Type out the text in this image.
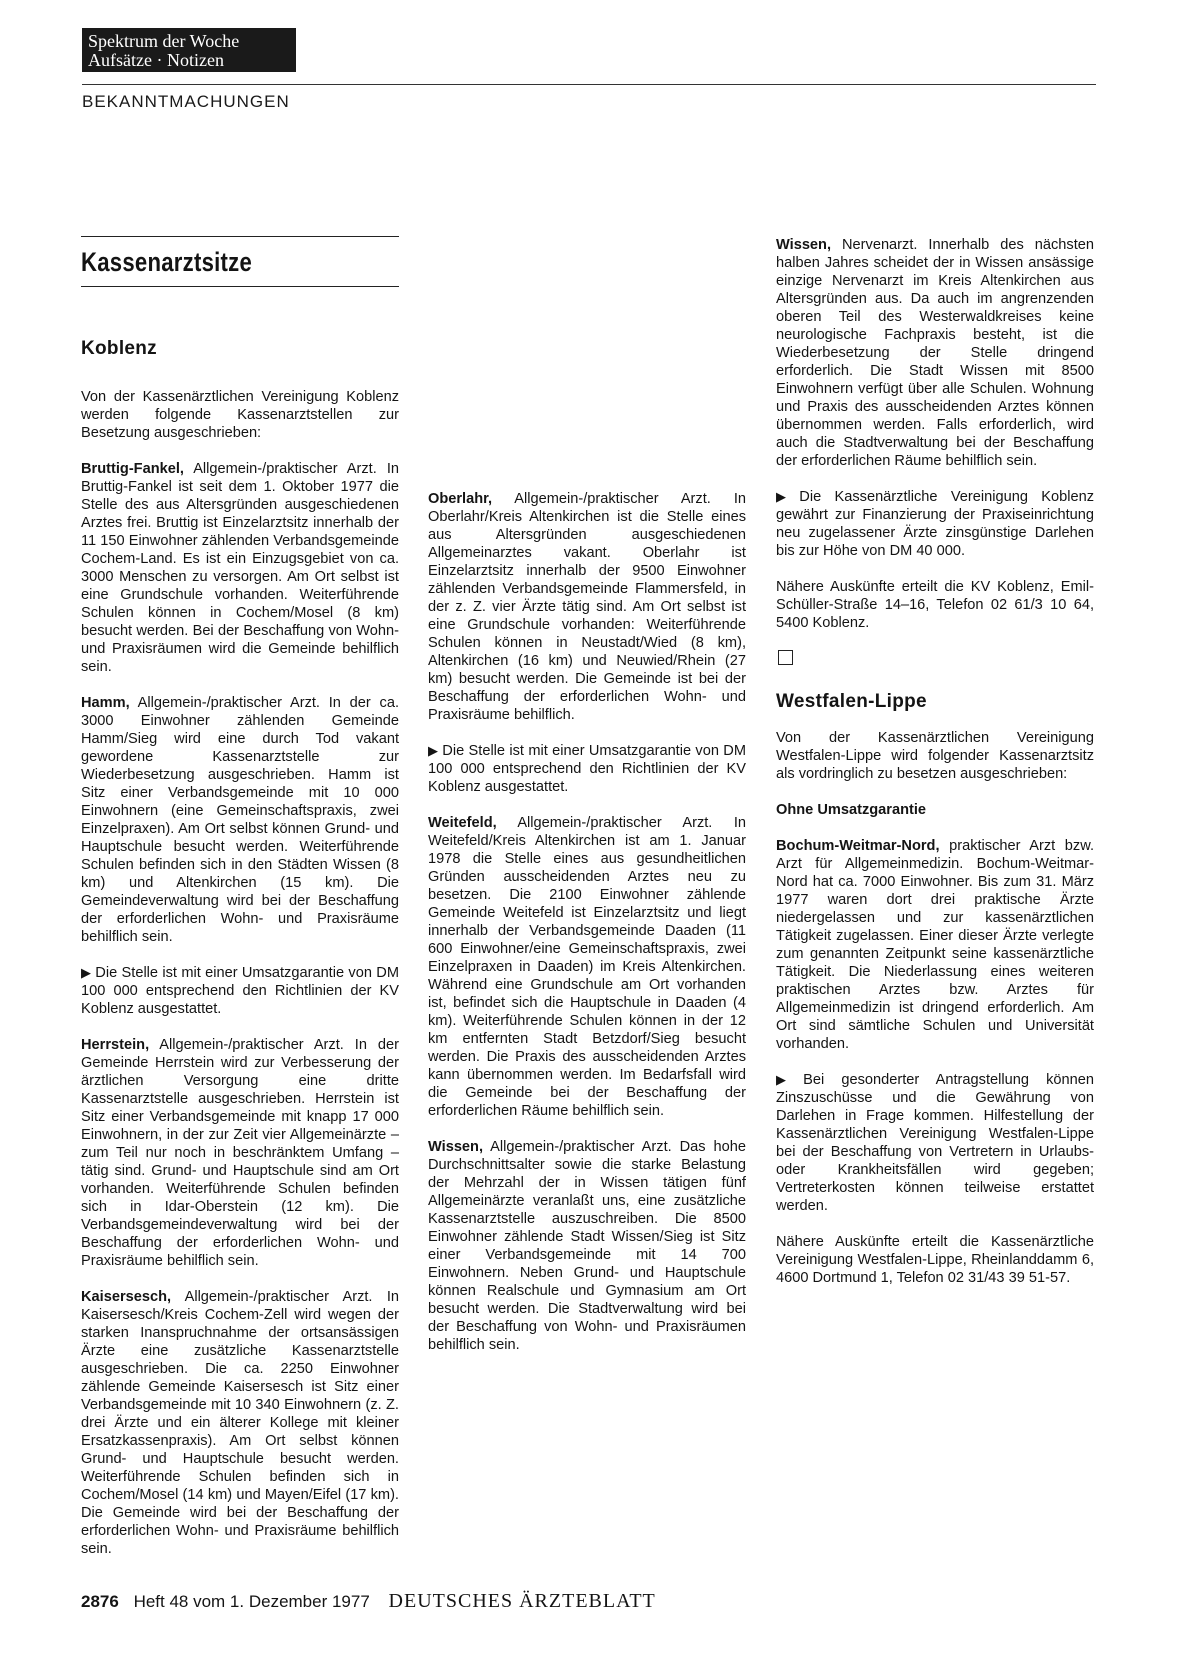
Spektrum der Woche
Aufsätze · Notizen
BEKANNTMACHUNGEN
Kassenarztsitze
Koblenz

Von der Kassenärztlichen Vereinigung Koblenz werden folgende Kassenarztstellen zur Besetzung ausgeschrieben:

Bruttig-Fankel, Allgemein-/praktischer Arzt. In Bruttig-Fankel ist seit dem 1. Oktober 1977 die Stelle des aus Altersgründen ausgeschiedenen Arztes frei. Bruttig ist Einzelarztsitz innerhalb der 11 150 Einwohner zählenden Verbandsgemeinde Cochem-Land. Es ist ein Einzugsgebiet von ca. 3000 Menschen zu versorgen. Am Ort selbst ist eine Grundschule vorhanden. Weiterführende Schulen können in Cochem/Mosel (8 km) besucht werden. Bei der Beschaffung von Wohn- und Praxisräumen wird die Gemeinde behilflich sein.

Hamm, Allgemein-/praktischer Arzt. In der ca. 3000 Einwohner zählenden Gemeinde Hamm/Sieg wird eine durch Tod vakant gewordene Kassenarztstelle zur Wiederbesetzung ausgeschrieben. Hamm ist Sitz einer Verbandsgemeinde mit 10 000 Einwohnern (eine Gemeinschaftspraxis, zwei Einzelpraxen). Am Ort selbst können Grund- und Hauptschule besucht werden. Weiterführende Schulen befinden sich in den Städten Wissen (8 km) und Altenkirchen (15 km). Die Gemeindeverwaltung wird bei der Beschaffung der erforderlichen Wohn- und Praxisräume behilflich sein.

▶ Die Stelle ist mit einer Umsatzgarantie von DM 100 000 entsprechend den Richtlinien der KV Koblenz ausgestattet.

Herrstein, Allgemein-/praktischer Arzt. In der Gemeinde Herrstein wird zur Verbesserung der ärztlichen Versorgung eine dritte Kassenarztstelle ausgeschrieben. Herrstein ist Sitz einer Verbandsgemeinde mit knapp 17 000 Einwohnern, in der zur Zeit vier Allgemeinärzte – zum Teil nur noch in beschränktem Umfang – tätig sind. Grund- und Hauptschule sind am Ort vorhanden. Weiterführende Schulen befinden sich in Idar-Oberstein (12 km). Die Verbandsgemeindeverwaltung wird bei der Beschaffung der erforderlichen Wohn- und Praxisräume behilflich sein.

Kaisersesch, Allgemein-/praktischer Arzt. In Kaisersesch/Kreis Cochem-Zell wird wegen der starken Inanspruchnahme der ortsansässigen Ärzte eine zusätzliche Kassenarztstelle ausgeschrieben. Die ca. 2250 Einwohner zählende Gemeinde Kaisersesch ist Sitz einer Verbandsgemeinde mit 10 340 Einwohnern (z. Z. drei Ärzte und ein älterer Kollege mit kleiner Ersatzkassenpraxis). Am Ort selbst können Grund- und Hauptschule besucht werden. Weiterführende Schulen befinden sich in Cochem/Mosel (14 km) und Mayen/Eifel (17 km). Die Gemeinde wird bei der Beschaffung der erforderlichen Wohn- und Praxisräume behilflich sein.

Oberlahr, Allgemein-/praktischer Arzt. In Oberlahr/Kreis Altenkirchen ist die Stelle eines aus Altersgründen ausgeschiedenen Allgemeinarztes vakant. Oberlahr ist Einzelarztsitz innerhalb der 9500 Einwohner zählenden Verbandsgemeinde Flammersfeld, in der z. Z. vier Ärzte tätig sind. Am Ort selbst ist eine Grundschule vorhanden: Weiterführende Schulen können in Neustadt/Wied (8 km), Altenkirchen (16 km) und Neuwied/Rhein (27 km) besucht werden. Die Gemeinde ist bei der Beschaffung der erforderlichen Wohn- und Praxisräume behilflich.

▶ Die Stelle ist mit einer Umsatzgarantie von DM 100 000 entsprechend den Richtlinien der KV Koblenz ausgestattet.

Weitefeld, Allgemein-/praktischer Arzt. In Weitefeld/Kreis Altenkirchen ist am 1. Januar 1978 die Stelle eines aus gesundheitlichen Gründen ausscheidenden Arztes neu zu besetzen. Die 2100 Einwohner zählende Gemeinde Weitefeld ist Einzelarztsitz und liegt innerhalb der Verbandsgemeinde Daaden (11 600 Einwohner/eine Gemeinschaftspraxis, zwei Einzelpraxen in Daaden) im Kreis Altenkirchen. Während eine Grundschule am Ort vorhanden ist, befindet sich die Hauptschule in Daaden (4 km). Weiterführende Schulen können in der 12 km entfernten Stadt Betzdorf/Sieg besucht werden. Die Praxis des ausscheidenden Arztes kann übernommen werden. Im Bedarfsfall wird die Gemeinde bei der Beschaffung der erforderlichen Räume behilflich sein.

Wissen, Allgemein-/praktischer Arzt. Das hohe Durchschnittsalter sowie die starke Belastung der Mehrzahl der in Wissen tätigen fünf Allgemeinärzte veranlaßt uns, eine zusätzliche Kassenarztstelle auszuschreiben. Die 8500 Einwohner zählende Stadt Wissen/Sieg ist Sitz einer Verbandsgemeinde mit 14 700 Einwohnern. Neben Grund- und Hauptschule können Realschule und Gymnasium am Ort besucht werden. Die Stadtverwaltung wird bei der Beschaffung von Wohn- und Praxisräumen behilflich sein.

Wissen, Nervenarzt. Innerhalb des nächsten halben Jahres scheidet der in Wissen ansässige einzige Nervenarzt im Kreis Altenkirchen aus Altersgründen aus. Da auch im angrenzenden oberen Teil des Westerwaldkreises keine neurologische Fachpraxis besteht, ist die Wiederbesetzung der Stelle dringend erforderlich. Die Stadt Wissen mit 8500 Einwohnern verfügt über alle Schulen. Wohnung und Praxis des ausscheidenden Arztes können übernommen werden. Falls erforderlich, wird auch die Stadtverwaltung bei der Beschaffung der erforderlichen Räume behilflich sein.

▶ Die Kassenärztliche Vereinigung Koblenz gewährt zur Finanzierung der Praxiseinrichtung neu zugelassener Ärzte zinsgünstige Darlehen bis zur Höhe von DM 40 000.

Nähere Auskünfte erteilt die KV Koblenz, Emil-Schüller-Straße 14–16, Telefon 02 61/3 10 64, 5400 Koblenz.

Westfalen-Lippe

Von der Kassenärztlichen Vereinigung Westfalen-Lippe wird folgender Kassenarztsitz als vordringlich zu besetzen ausgeschrieben:

Ohne Umsatzgarantie

Bochum-Weitmar-Nord, praktischer Arzt bzw. Arzt für Allgemeinmedizin. Bochum-Weitmar-Nord hat ca. 7000 Einwohner. Bis zum 31. März 1977 waren dort drei praktische Ärzte niedergelassen und zur kassenärztlichen Tätigkeit zugelassen. Einer dieser Ärzte verlegte zum genannten Zeitpunkt seine kassenärztliche Tätigkeit. Die Niederlassung eines weiteren praktischen Arztes bzw. Arztes für Allgemeinmedizin ist dringend erforderlich. Am Ort sind sämtliche Schulen und Universität vorhanden.

▶ Bei gesonderter Antragstellung können Zinszuschüsse und die Gewährung von Darlehen in Frage kommen. Hilfestellung der Kassenärztlichen Vereinigung Westfalen-Lippe bei der Beschaffung von Vertretern in Urlaubs- oder Krankheitsfällen wird gegeben; Vertreterkosten können teilweise erstattet werden.

Nähere Auskünfte erteilt die Kassenärztliche Vereinigung Westfalen-Lippe, Rheinlanddamm 6, 4600 Dortmund 1, Telefon 02 31/43 39 51-57.

2876 Heft 48 vom 1. Dezember 1977 DEUTSCHES ÄRZTEBLATT
